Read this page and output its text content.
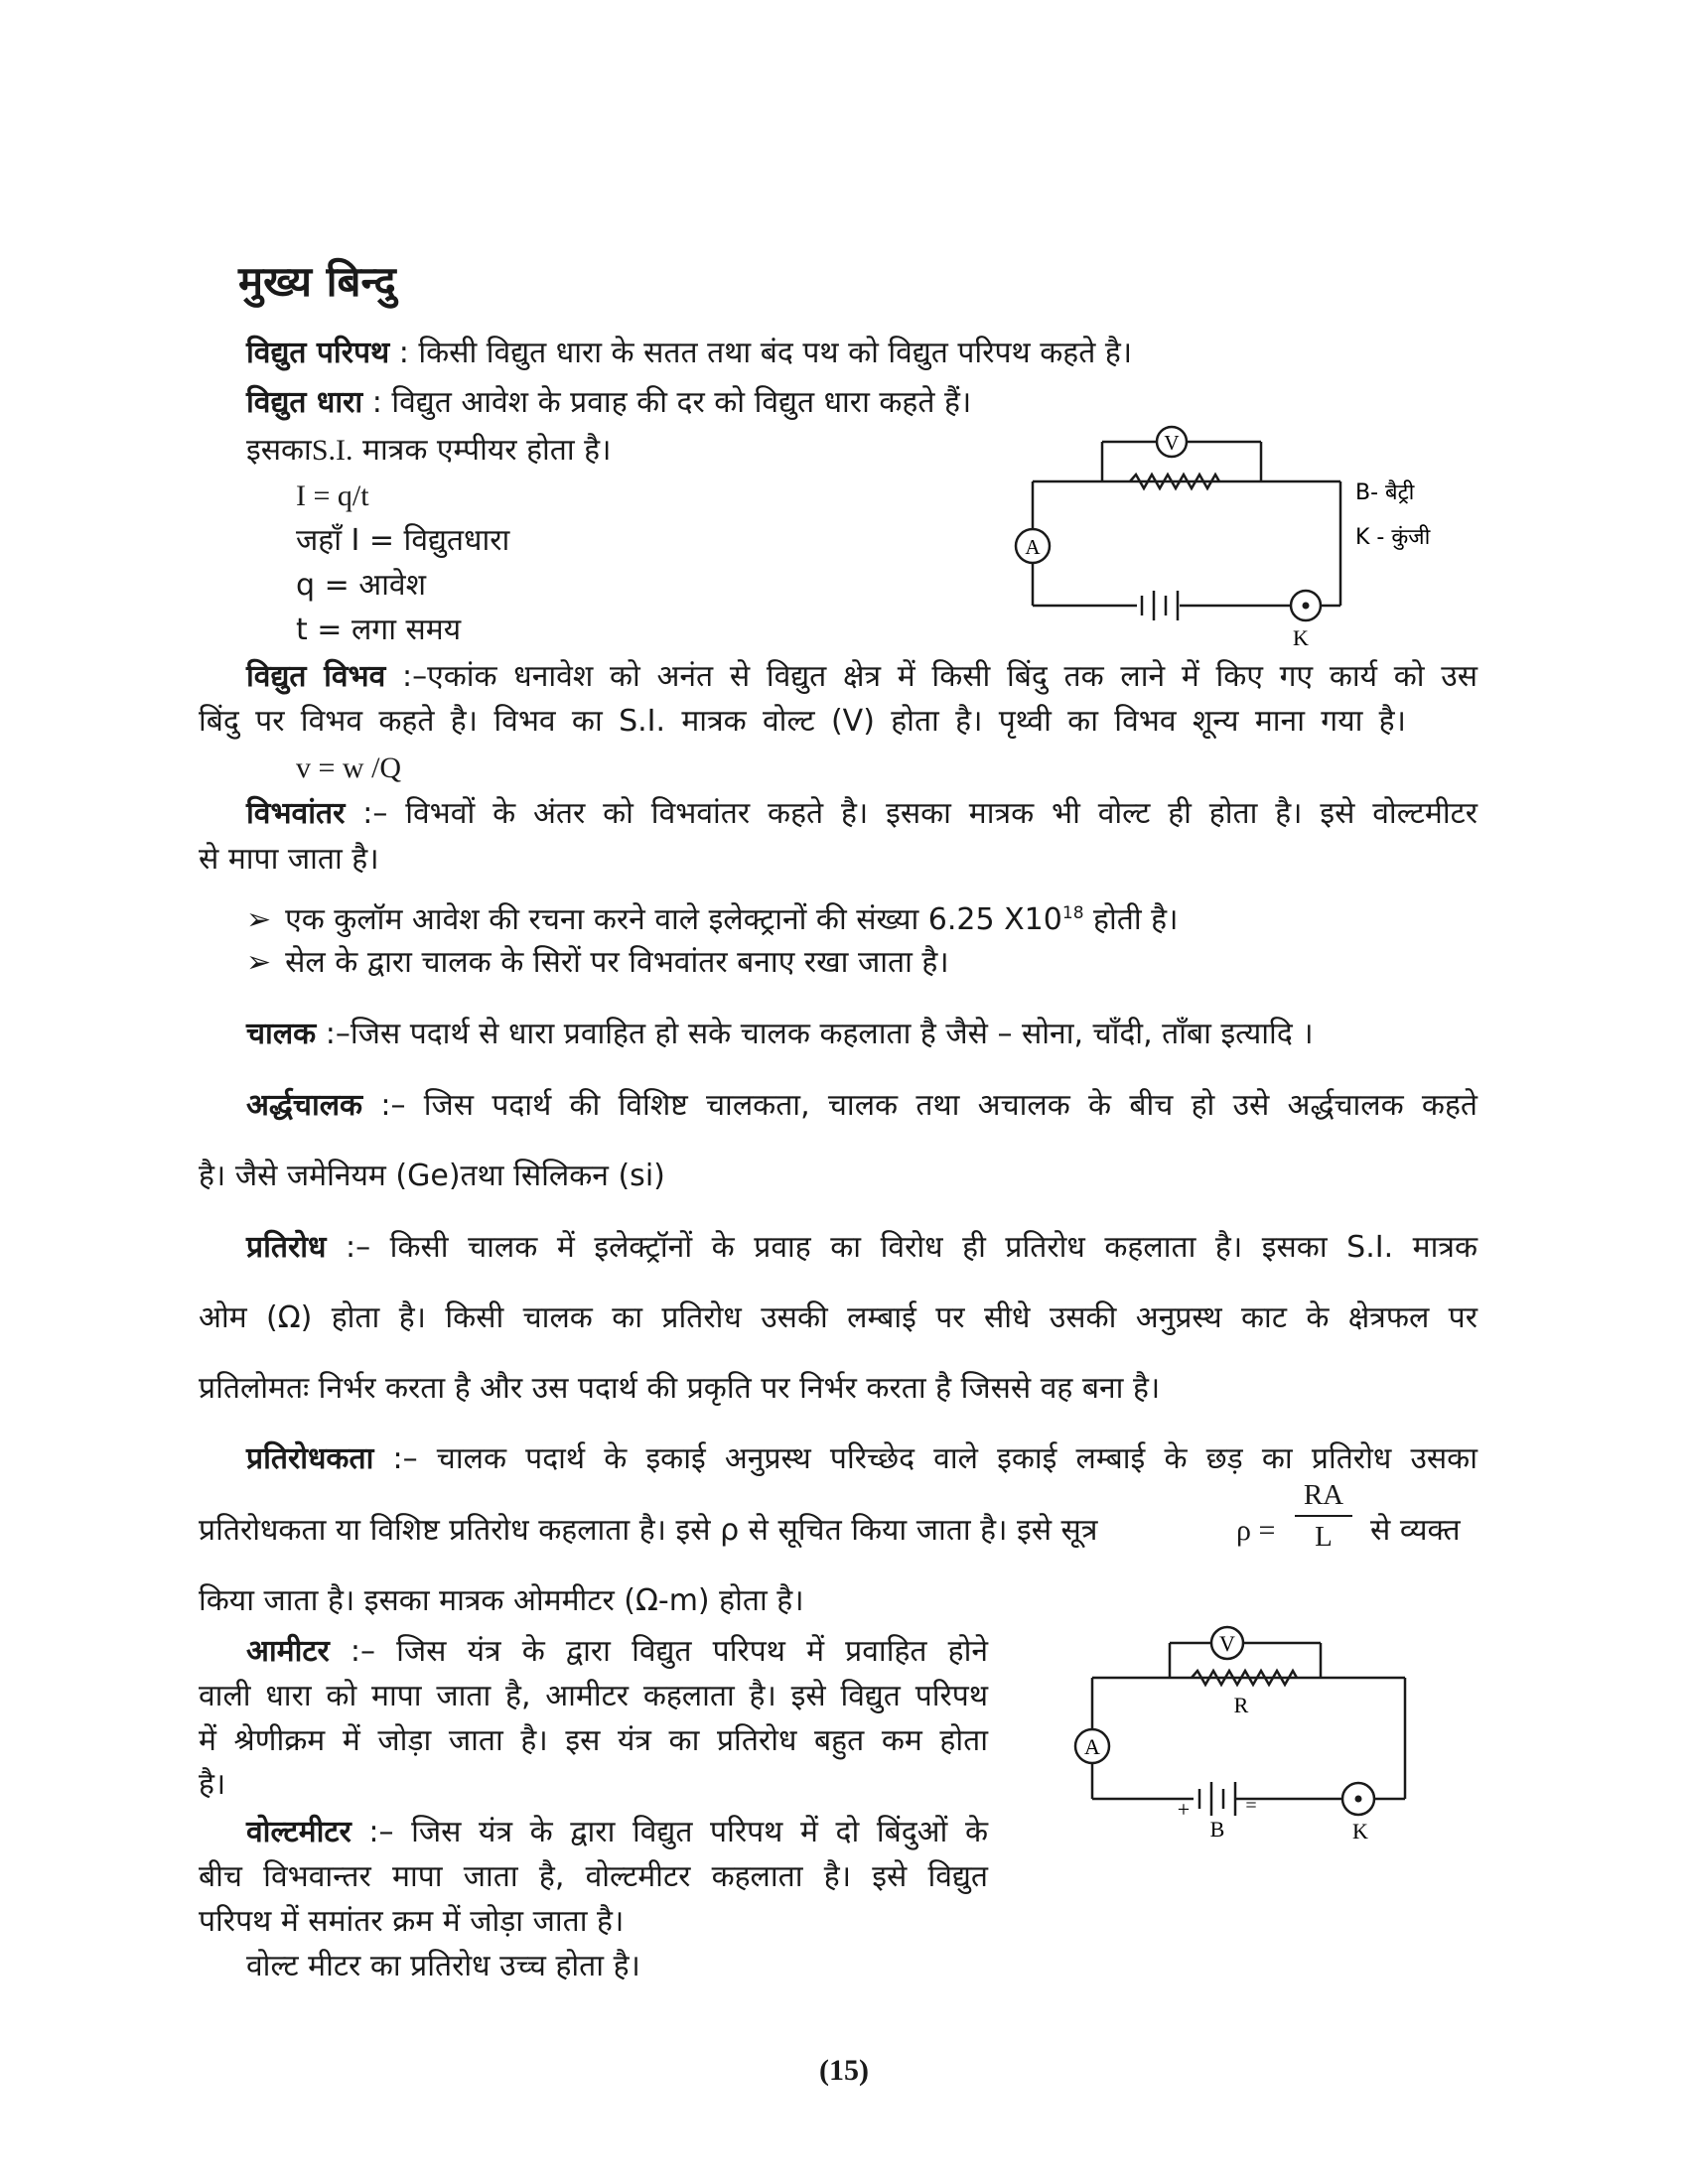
मुख्य बिन्दु
विद्युत परिपथ : किसी विद्युत धारा के सतत तथा बंद पथ को विद्युत परिपथ कहते है।
विद्युत धारा : विद्युत आवेश के प्रवाह की दर को विद्युत धारा कहते हैं।
इसकाS.I. मात्रक एम्पीयर होता है।
I = q/t
जहाँ I = विद्युतधारा
q = आवेश
t = लगा समय
V
A
K
B- बैट्री
K - कुंजी
विद्युत विभव :–एकांक धनावेश को अनंत से विद्युत क्षेत्र में किसी बिंदु तक लाने में किए गए कार्य को उस
बिंदु पर विभव कहते है। विभव का S.I. मात्रक वोल्ट (V) होता है। पृथ्वी का विभव शून्य माना गया है।
v = w /Q
विभवांतर :– विभवों के अंतर को विभवांतर कहते है। इसका मात्रक भी वोल्ट ही होता है। इसे वोल्टमीटर
से मापा जाता है।
➢ एक कुलॉम आवेश की रचना करने वाले इलेक्ट्रानों की संख्या 6.25 $X10^{18}$ होती है।
➢ सेल के द्वारा चालक के सिरों पर विभवांतर बनाए रखा जाता है।
चालक :–जिस पदार्थ से धारा प्रवाहित हो सके चालक कहलाता है जैसे – सोना, चाँदी, ताँबा इत्यादि ।
अर्द्धचालक :– जिस पदार्थ की विशिष्ट चालकता, चालक तथा अचालक के बीच हो उसे अर्द्धचालक कहते
है। जैसे जमेनियम (Ge)तथा सिलिकन (si)
प्रतिरोध :– किसी चालक में इलेक्ट्रॉनों के प्रवाह का विरोध ही प्रतिरोध कहलाता है। इसका S.I. मात्रक
ओम (Ω) होता है। किसी चालक का प्रतिरोध उसकी लम्बाई पर सीधे उसकी अनुप्रस्थ काट के क्षेत्रफल पर
प्रतिलोमतः निर्भर करता है और उस पदार्थ की प्रकृति पर निर्भर करता है जिससे वह बना है।
प्रतिरोधकता :– चालक पदार्थ के इकाई अनुप्रस्थ परिच्छेद वाले इकाई लम्बाई के छड़ का प्रतिरोध उसका
प्रतिरोधकता या विशिष्ट प्रतिरोध कहलाता है। इसे ρ से सूचित किया जाता है। इसे सूत्र	ρ =
RA
L	से व्यक्त
किया जाता है। इसका मात्रक ओममीटर (Ω-m) होता है।
आमीटर :– जिस यंत्र के द्वारा विद्युत परिपथ में प्रवाहित होने
वाली धारा को मापा जाता है, आमीटर कहलाता है। इसे विद्युत परिपथ
में श्रेणीक्रम में जोड़ा जाता है। इस यंत्र का प्रतिरोध बहुत कम होता
है।
वोल्टमीटर :– जिस यंत्र के द्वारा विद्युत परिपथ में दो बिंदुओं के
बीच विभवान्तर मापा जाता है, वोल्टमीटर कहलाता है। इसे विद्युत
परिपथ में समांतर क्रम में जोड़ा जाता है।
वोल्ट मीटर का प्रतिरोध उच्च होता है।
V
R
A
+	=
B	K
(15)
